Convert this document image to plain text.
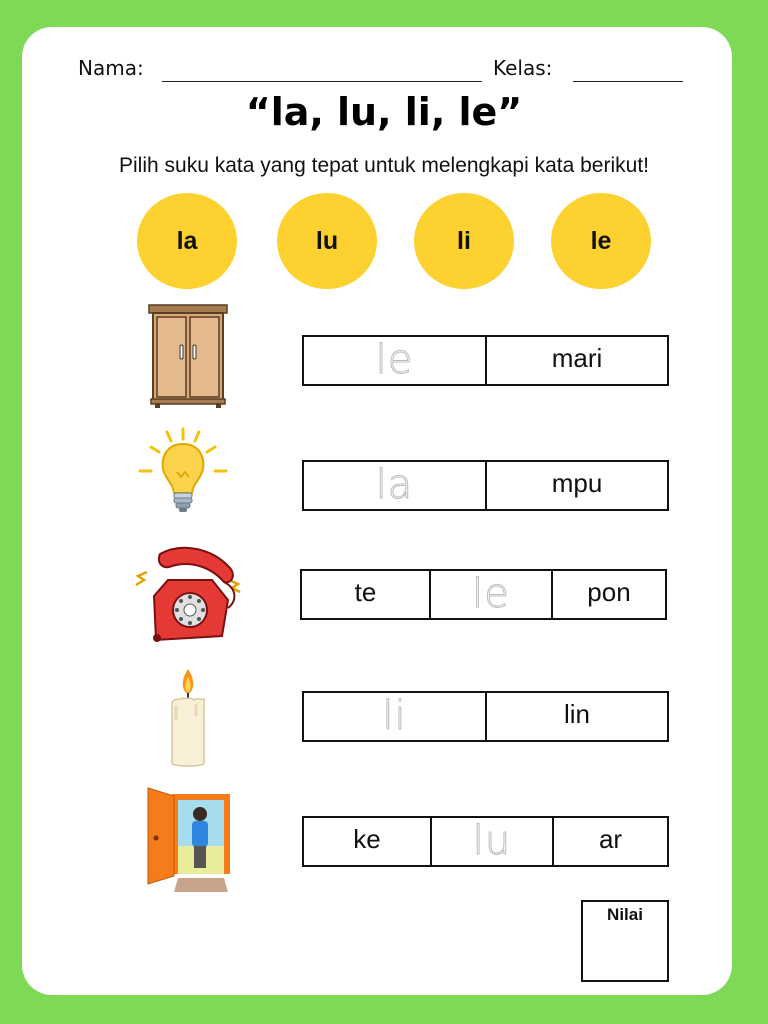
Nama:	Kelas:
“la, lu, li, le”
Pilih suku kata yang tepat untuk melengkapi kata berikut!
la	lu	li	le
le	mari
la	mpu
te	le	pon
li	lin
ke	lu	ar
Nilai
